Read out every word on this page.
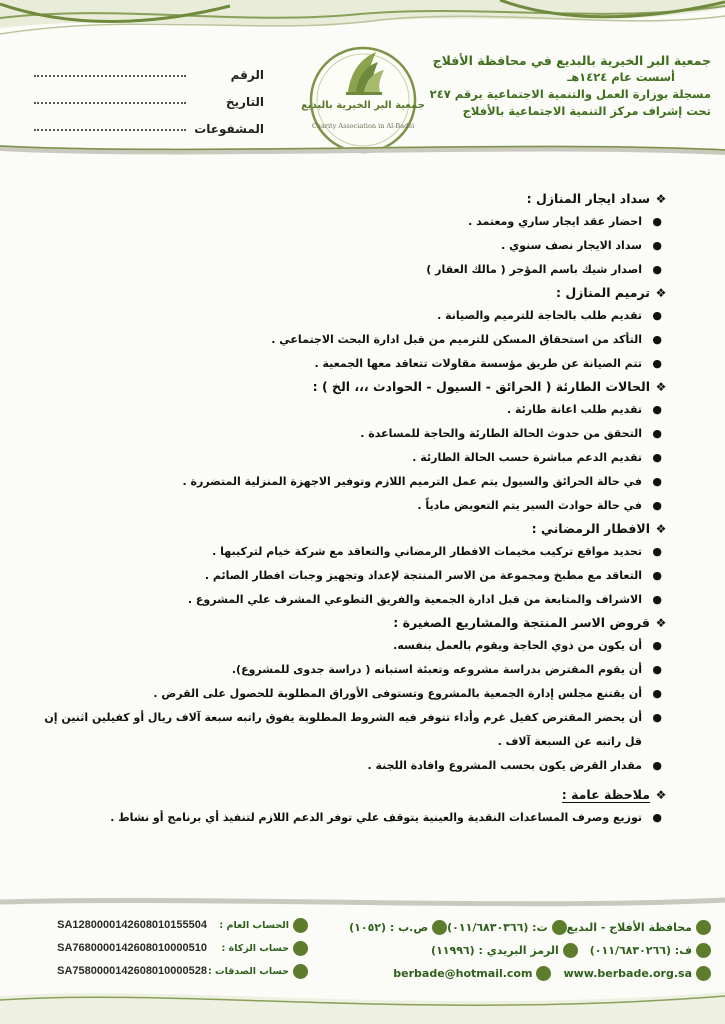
جمعية البر الخيرية بالبديع في محافظة الأفلاج
أسست عام ١٤٢٤هـ
مسجلة بوزارة العمل والتنمية الاجتماعية برقم ٢٤٧
تحت إشراف مركز التنمية الاجتماعية بالأفلاج
جمعية البر الخيرية بالبديع
Charity Association in Al-Badei
الرقم
التاريخ
المشفوعات
❖سداد ايجار المنازل :
●
احضار عقد ايجار ساري ومعتمد .
●
سداد الايجار نصف سنوي .
●
اصدار شيك باسم المؤجر ( مالك العقار )
❖ترميم المنازل :
●
تقديم طلب بالحاجة للترميم والصيانة .
●
التأكد من استحقاق المسكن للترميم من قبل ادارة البحث الاجتماعي .
●
تتم الصيانة عن طريق مؤسسة مقاولات تتعاقد معها الجمعية .
❖الحالات الطارئة ( الحرائق - السيول - الحوادث ،،، الخ ) :
●
تقديم طلب اعانة طارئة .
●
التحقق من حدوث الحالة الطارئة والحاجة للمساعدة .
●
تقديم الدعم مباشرة حسب الحالة الطارئة .
●
في حالة الحرائق والسيول يتم عمل الترميم اللازم وتوفير الاجهزة المنزلية المتضررة .
●
في حالة حوادث السير يتم التعويض مادياً .
❖الافطار الرمضاني :
●
تحديد مواقع تركيب مخيمات الافطار الرمضاني والتعاقد مع شركة خيام لتركيبها .
●
التعاقد مع مطبخ ومجموعة من الاسر المنتجة لإعداد وتجهيز وجبات افطار الصائم .
●
الاشراف والمتابعة من قبل ادارة الجمعية والفريق التطوعي المشرف علي المشروع .
❖قروض الاسر المنتجة والمشاريع الصغيرة :
●
أن يكون من ذوي الحاجة ويقوم بالعمل بنفسه.
●
أن يقوم المقترض بدراسة مشروعه وتعبئة استبانه ( دراسة جدوى للمشروع).
●
أن يقتنع مجلس إدارة الجمعية بالمشروع وتستوفى الأوراق المطلوبة للحصول على القرض .
●
أن يحضر المقترض كفيل غرم وأداء تتوفر فيه الشروط المطلوبة يفوق راتبه سبعة آلاف ريال أو كفيلين اثنين إن قل راتبه عن السبعة آلاف .
●
مقدار القرض يكون بحسب المشروع وافادة اللجنة .
❖ملاحظة عامة :
●
توزيع وصرف المساعدات النقدية والعينية يتوقف علي توفر الدعم اللازم لتنفيذ أي برنامج أو نشاط .
محافظة الأفلاج - البديع
ت: (٠١١/٦٨٣٠٣٦٦)
ص.ب : (١٠٥٢)
ف: (٠١١/٦٨٣٠٢٦٦)
الرمز البريدي : (١١٩٩٦)
www.berbade.org.sa
berbade@hotmail.com
الحساب العام :
SA1280000142608010155504
حساب الزكاة :
SA7680000142608010000510
حساب الصدقات :
SA7580000142608010000528
